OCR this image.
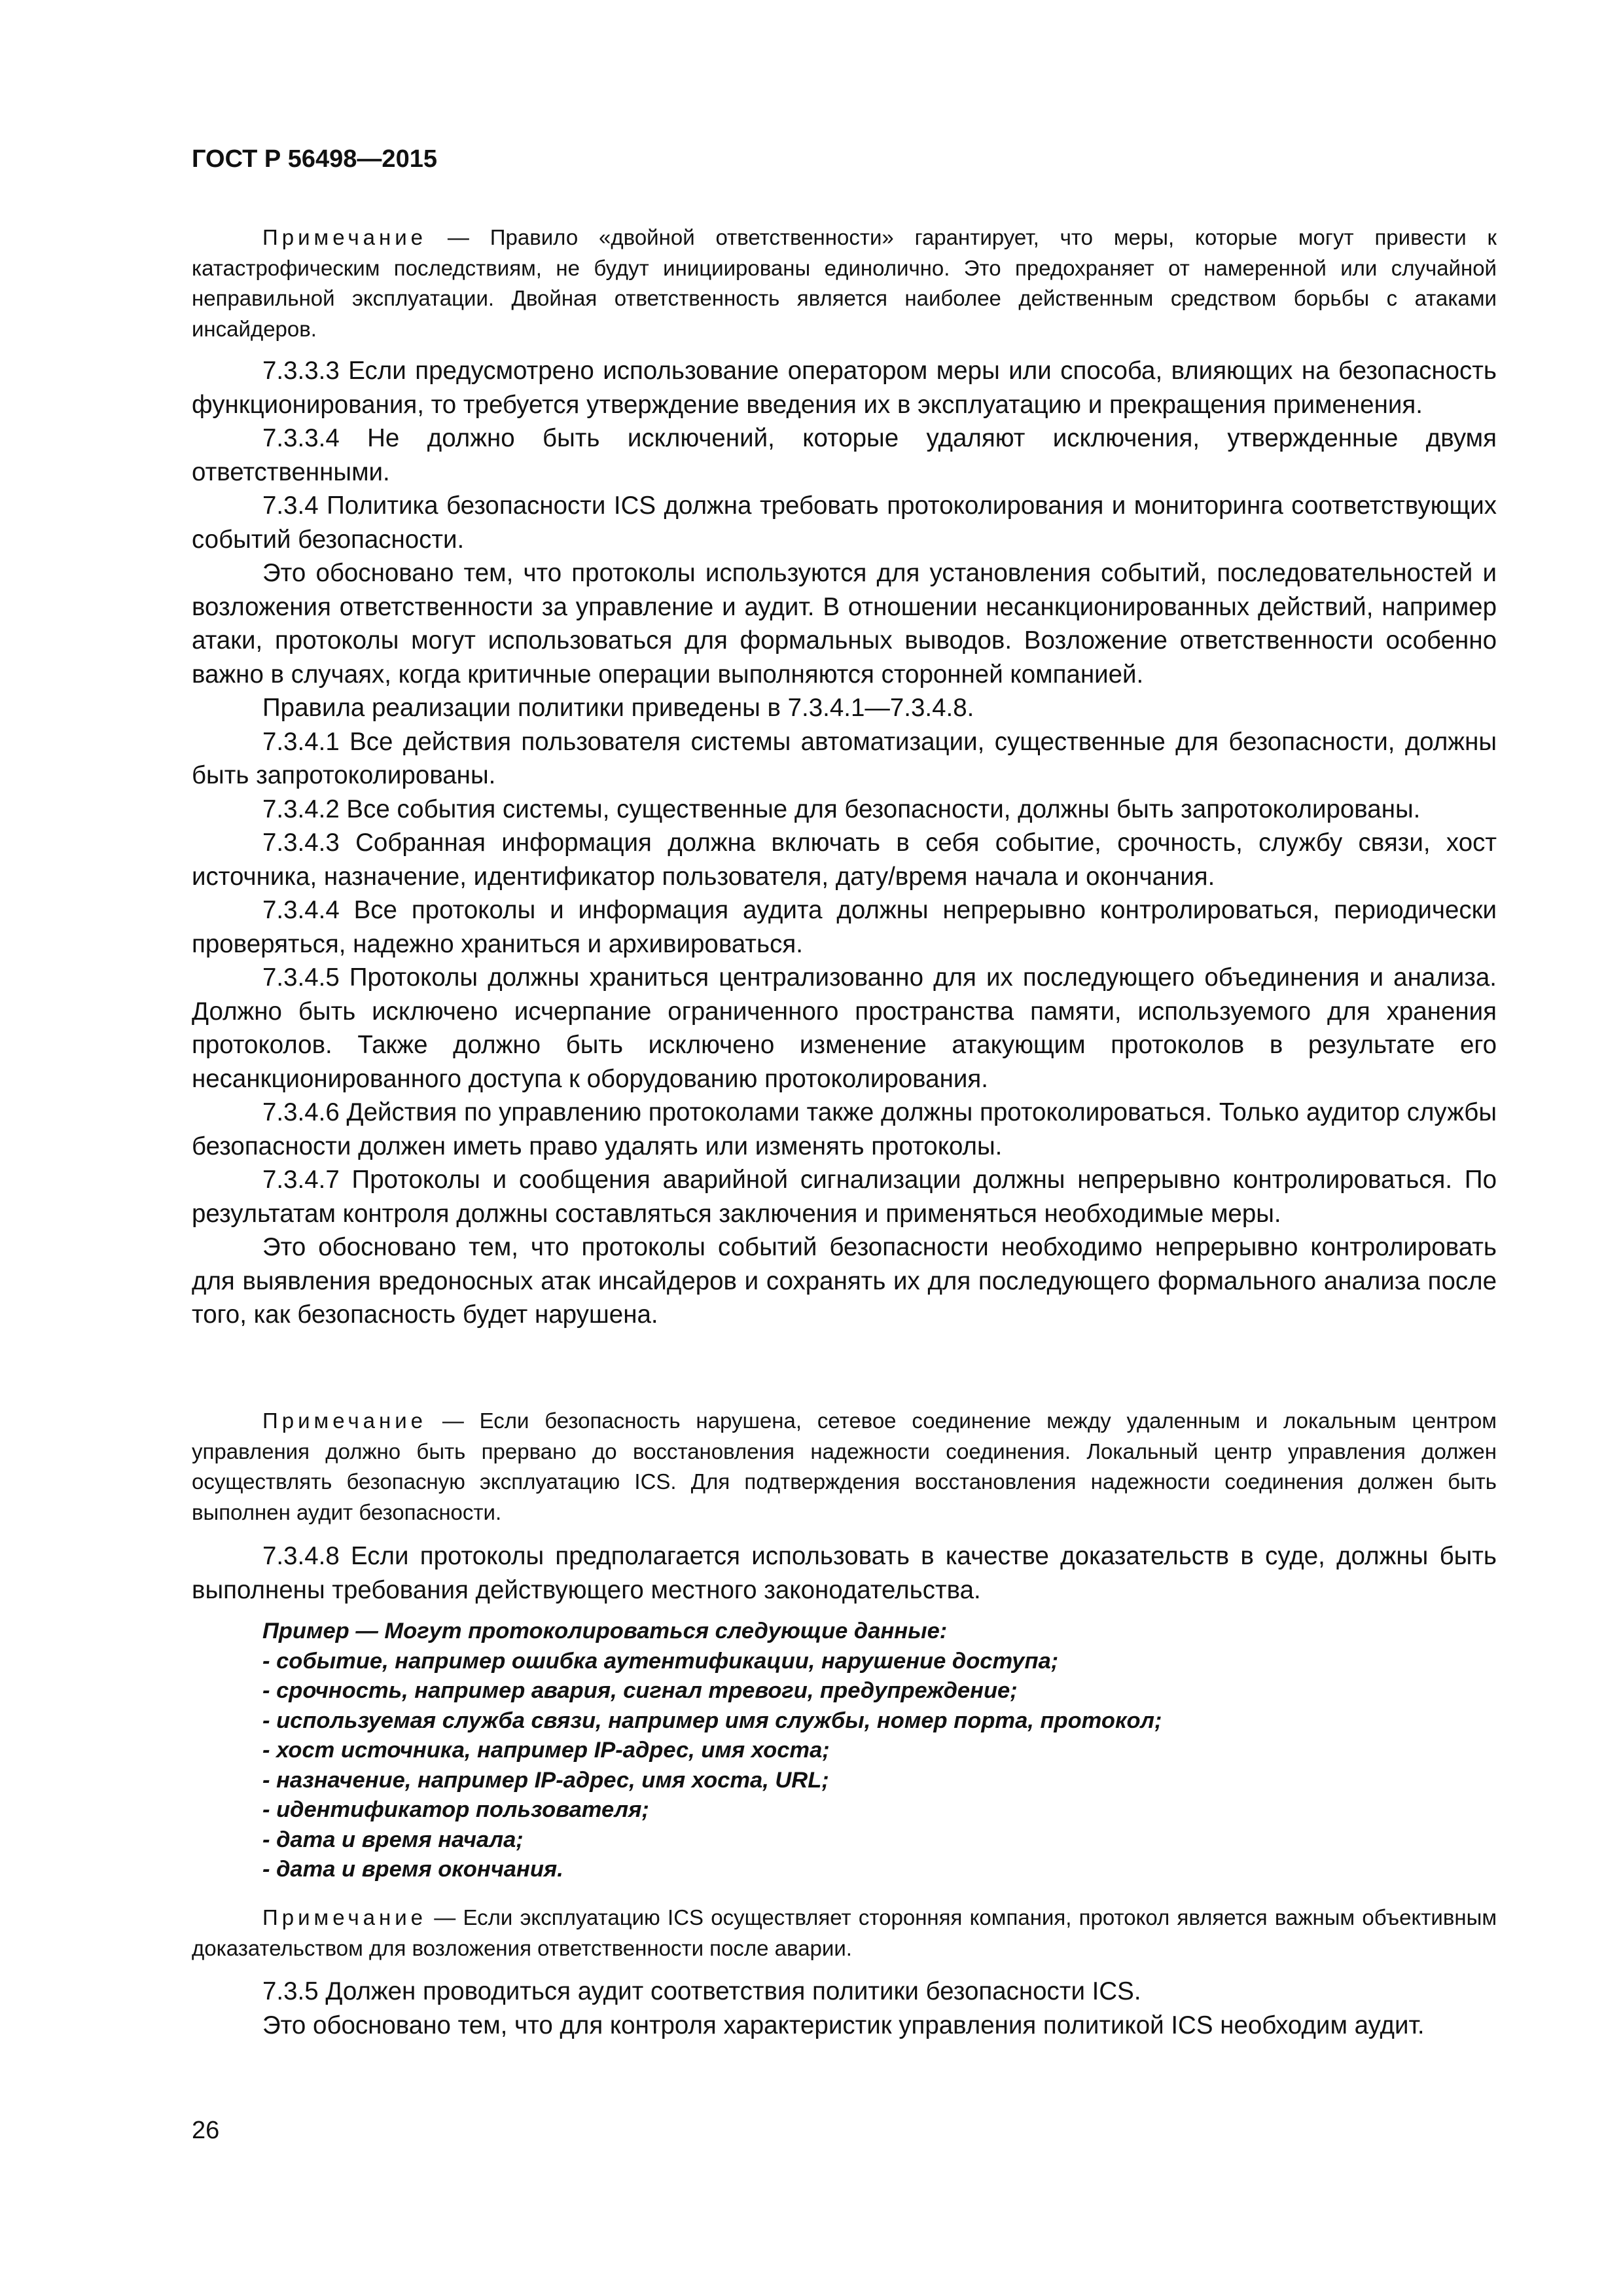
ГОСТ Р 56498—2015

Примечание — Правило «двойной ответственности» гарантирует, что меры, которые могут привести к катастрофическим последствиям, не будут инициированы единолично. Это предохраняет от намеренной или случайной неправильной эксплуатации. Двойная ответственность является наиболее действенным средством борьбы с атаками инсайдеров.

7.3.3.3 Если предусмотрено использование оператором меры или способа, влияющих на безопасность функционирования, то требуется утверждение введения их в эксплуатацию и прекращения применения.

7.3.3.4 Не должно быть исключений, которые удаляют исключения, утвержденные двумя ответственными.

7.3.4 Политика безопасности ICS должна требовать протоколирования и мониторинга соответствующих событий безопасности.

Это обосновано тем, что протоколы используются для установления событий, последовательностей и возложения ответственности за управление и аудит. В отношении несанкционированных действий, например атаки, протоколы могут использоваться для формальных выводов. Возложение ответственности особенно важно в случаях, когда критичные операции выполняются сторонней компанией.

Правила реализации политики приведены в 7.3.4.1—7.3.4.8.

7.3.4.1 Все действия пользователя системы автоматизации, существенные для безопасности, должны быть запротоколированы.

7.3.4.2 Все события системы, существенные для безопасности, должны быть запротоколированы.

7.3.4.3 Собранная информация должна включать в себя событие, срочность, службу связи, хост источника, назначение, идентификатор пользователя, дату/время начала и окончания.

7.3.4.4 Все протоколы и информация аудита должны непрерывно контролироваться, периодически проверяться, надежно храниться и архивироваться.

7.3.4.5 Протоколы должны храниться централизованно для их последующего объединения и анализа. Должно быть исключено исчерпание ограниченного пространства памяти, используемого для хранения протоколов. Также должно быть исключено изменение атакующим протоколов в результате его несанкционированного доступа к оборудованию протоколирования.

7.3.4.6 Действия по управлению протоколами также должны протоколироваться. Только аудитор службы безопасности должен иметь право удалять или изменять протоколы.

7.3.4.7 Протоколы и сообщения аварийной сигнализации должны непрерывно контролироваться. По результатам контроля должны составляться заключения и применяться необходимые меры.

Это обосновано тем, что протоколы событий безопасности необходимо непрерывно контролировать для выявления вредоносных атак инсайдеров и сохранять их для последующего формального анализа после того, как безопасность будет нарушена.

Примечание — Если безопасность нарушена, сетевое соединение между удаленным и локальным центром управления должно быть прервано до восстановления надежности соединения. Локальный центр управления должен осуществлять безопасную эксплуатацию ICS. Для подтверждения восстановления надежности соединения должен быть выполнен аудит безопасности.

7.3.4.8 Если протоколы предполагается использовать в качестве доказательств в суде, должны быть выполнены требования действующего местного законодательства.

Пример — Могут протоколироваться следующие данные:

- событие, например ошибка аутентификации, нарушение доступа;

- срочность, например авария, сигнал тревоги, предупреждение;

- используемая служба связи, например имя службы, номер порта, протокол;

- хост источника, например IP-адрес, имя хоста;

- назначение, например IP-адрес, имя хоста, URL;

- идентификатор пользователя;

- дата и время начала;

- дата и время окончания.

Примечание — Если эксплуатацию ICS осуществляет сторонняя компания, протокол является важным объективным доказательством для возложения ответственности после аварии.

7.3.5 Должен проводиться аудит соответствия политики безопасности ICS.

Это обосновано тем, что для контроля характеристик управления политикой ICS необходим аудит.

26
